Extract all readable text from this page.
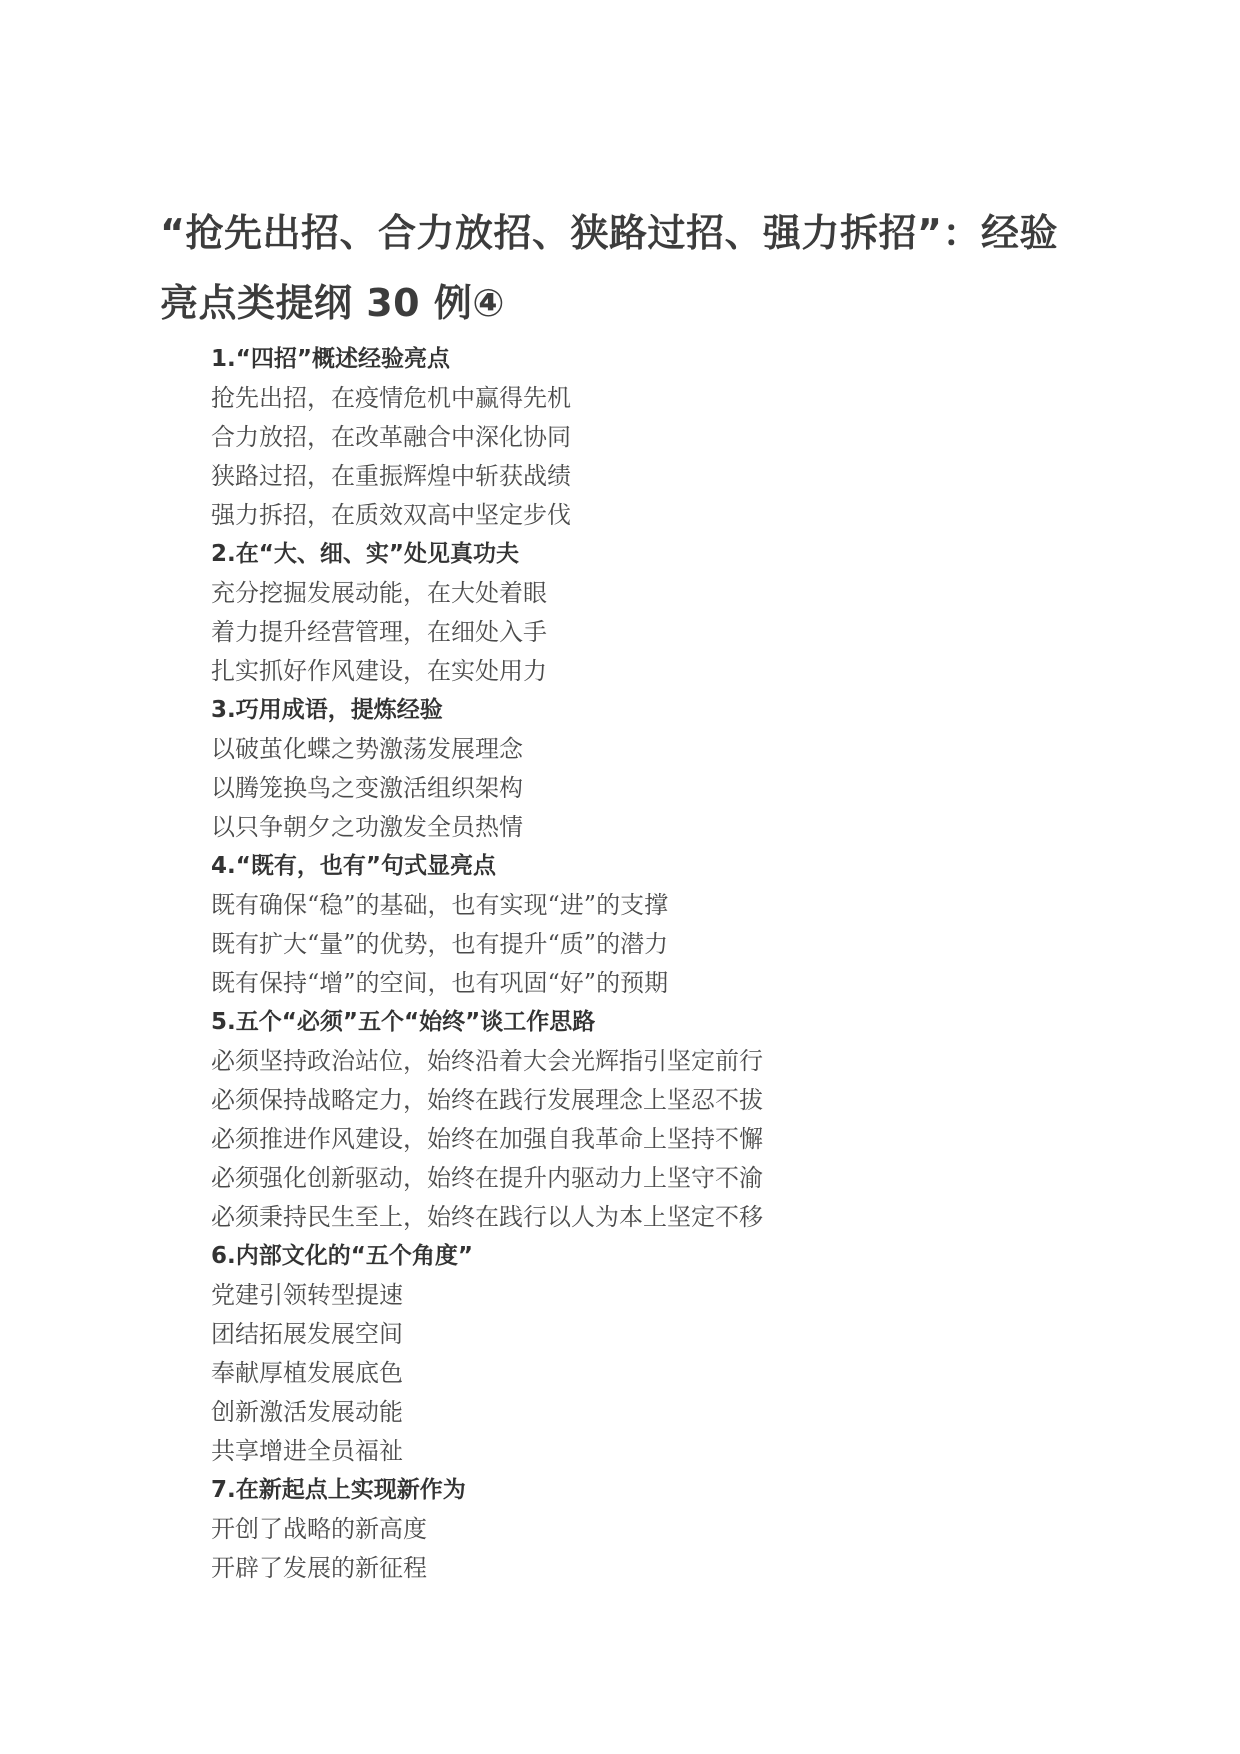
“抢先出招、合力放招、狭路过招、强力拆招”：经验亮点类提纲 30 例④
1.“四招”概述经验亮点
抢先出招，在疫情危机中赢得先机
合力放招，在改革融合中深化协同
狭路过招，在重振辉煌中斩获战绩
强力拆招，在质效双高中坚定步伐
2.在“大、细、实”处见真功夫
充分挖掘发展动能，在大处着眼
着力提升经营管理，在细处入手
扎实抓好作风建设，在实处用力
3.巧用成语，提炼经验
以破茧化蝶之势激荡发展理念
以腾笼换鸟之变激活组织架构
以只争朝夕之功激发全员热情
4.“既有，也有”句式显亮点
既有确保“稳”的基础，也有实现“进”的支撑
既有扩大“量”的优势，也有提升“质”的潜力
既有保持“增”的空间，也有巩固“好”的预期
5.五个“必须”五个“始终”谈工作思路
必须坚持政治站位，始终沿着大会光辉指引坚定前行
必须保持战略定力，始终在践行发展理念上坚忍不拔
必须推进作风建设，始终在加强自我革命上坚持不懈
必须强化创新驱动，始终在提升内驱动力上坚守不渝
必须秉持民生至上，始终在践行以人为本上坚定不移
6.内部文化的“五个角度”
党建引领转型提速
团结拓展发展空间
奉献厚植发展底色
创新激活发展动能
共享增进全员福祉
7.在新起点上实现新作为
开创了战略的新高度
开辟了发展的新征程
